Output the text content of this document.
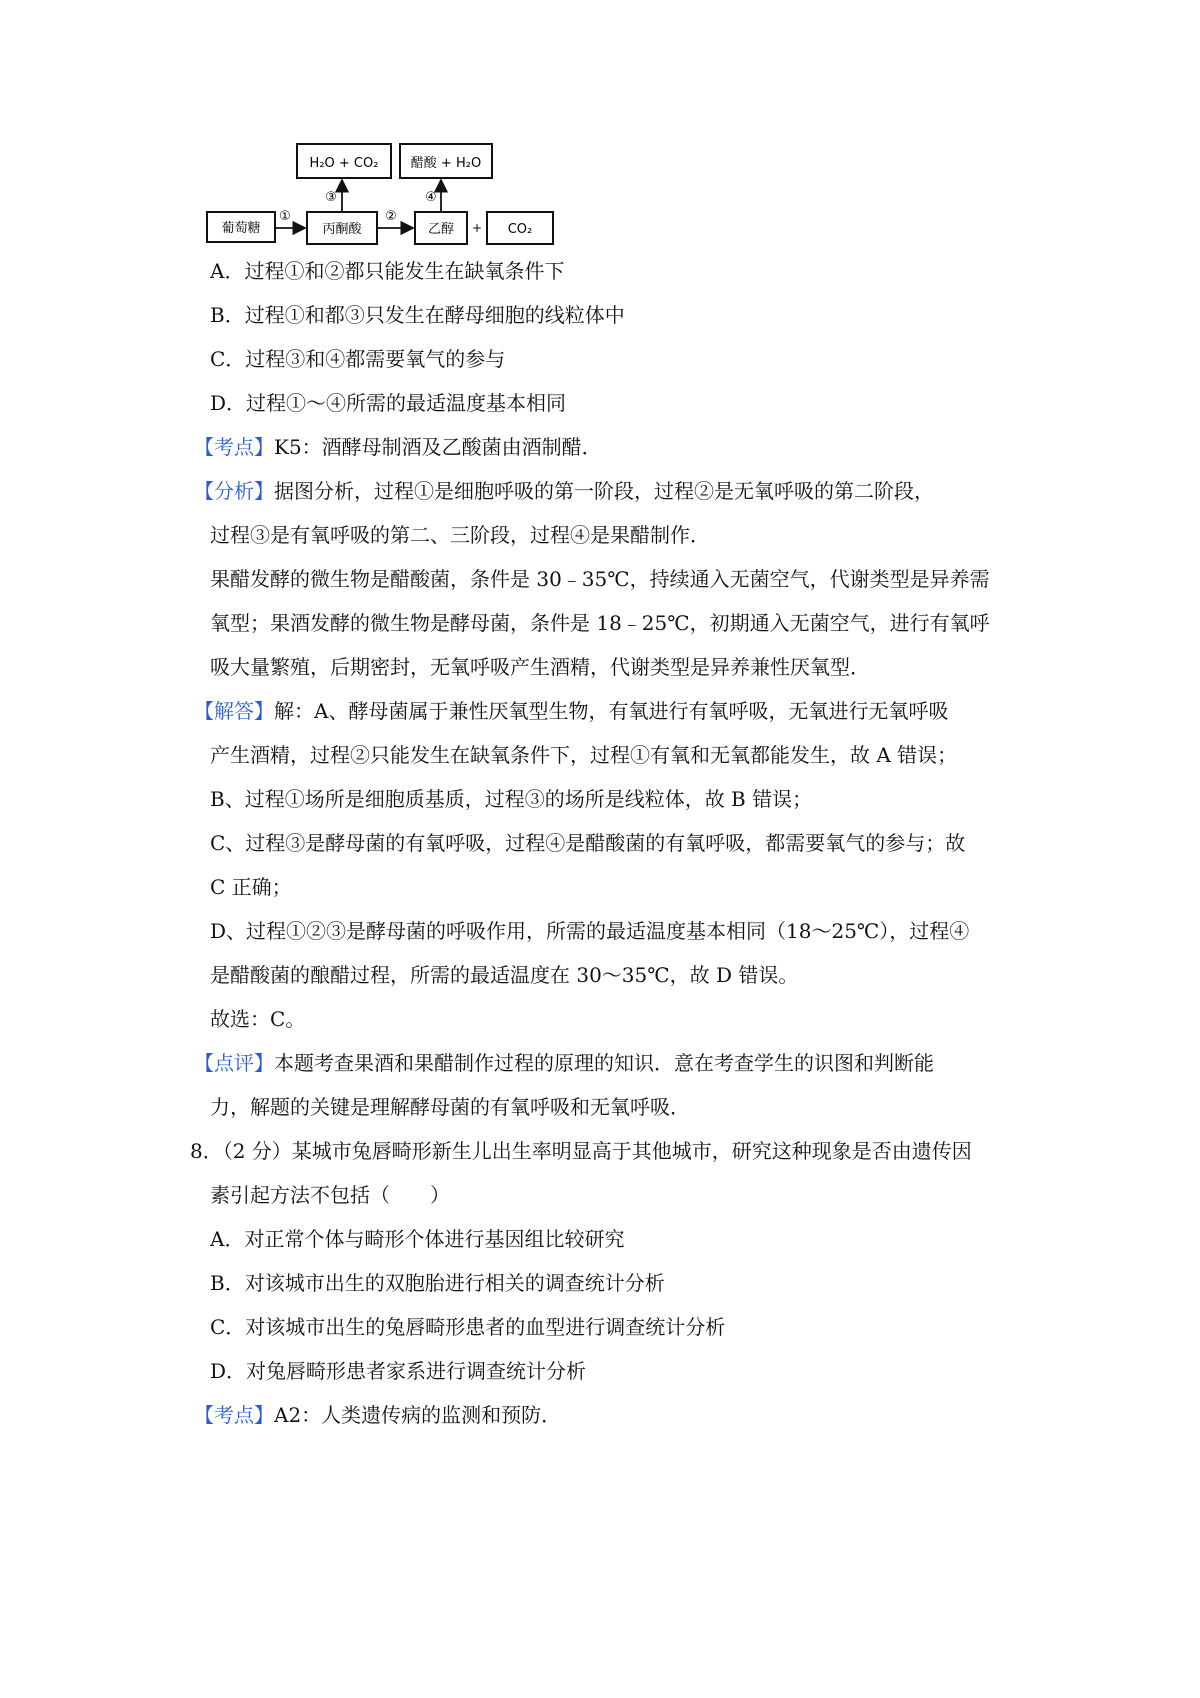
H₂O + CO₂ 醋酸 + H₂O
葡萄糖	丙酮酸	乙醇 + CO₂
①	②
③	④
A．过程①和②都只能发生在缺氧条件下
B．过程①和都③只发生在酵母细胞的线粒体中
C．过程③和④都需要氧气的参与
D．过程①～④所需的最适温度基本相同
【考点】K5：酒酵母制酒及乙酸菌由酒制醋．
【分析】据图分析，过程①是细胞呼吸的第一阶段，过程②是无氧呼吸的第二阶段，
过程③是有氧呼吸的第二、三阶段，过程④是果醋制作．
果醋发酵的微生物是醋酸菌，条件是 30﹣35℃，持续通入无菌空气，代谢类型是异养需
氧型；果酒发酵的微生物是酵母菌，条件是 18﹣25℃，初期通入无菌空气，进行有氧呼
吸大量繁殖，后期密封，无氧呼吸产生酒精，代谢类型是异养兼性厌氧型．
【解答】解：A、酵母菌属于兼性厌氧型生物，有氧进行有氧呼吸，无氧进行无氧呼吸
产生酒精，过程②只能发生在缺氧条件下，过程①有氧和无氧都能发生，故 A 错误；
B、过程①场所是细胞质基质，过程③的场所是线粒体，故 B 错误；
C、过程③是酵母菌的有氧呼吸，过程④是醋酸菌的有氧呼吸，都需要氧气的参与；故
C 正确；
D、过程①②③是酵母菌的呼吸作用，所需的最适温度基本相同（18～25℃），过程④
是醋酸菌的酿醋过程，所需的最适温度在 30～35℃，故 D 错误。
故选：C。
【点评】本题考查果酒和果醋制作过程的原理的知识．意在考查学生的识图和判断能
力，解题的关键是理解酵母菌的有氧呼吸和无氧呼吸．
8．（2 分）某城市兔唇畸形新生儿出生率明显高于其他城市，研究这种现象是否由遗传因
素引起方法不包括（　　）
A．对正常个体与畸形个体进行基因组比较研究
B．对该城市出生的双胞胎进行相关的调查统计分析
C．对该城市出生的兔唇畸形患者的血型进行调查统计分析
D．对兔唇畸形患者家系进行调查统计分析
【考点】A2：人类遗传病的监测和预防．
